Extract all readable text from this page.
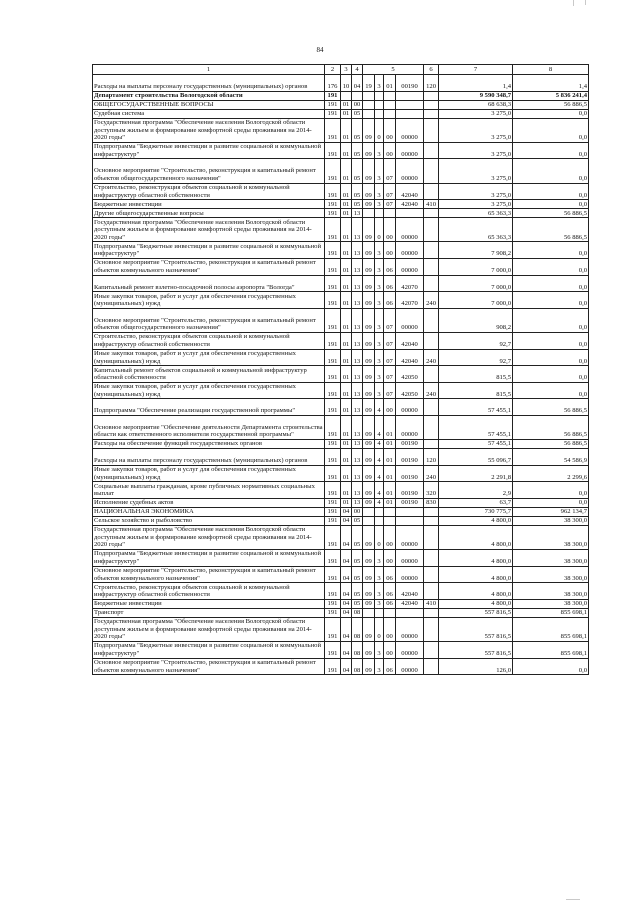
84
1	2	3	4	5				6	7	8
Расходы на выплаты персоналу государственных (муниципальных) органов	176	10	04	19	3	01	00190	120	1,4	1,4
Департамент строительства Вологодской области	191								9 590 348,7	5 836 241,4
ОБЩЕГОСУДАРСТВЕННЫЕ ВОПРОСЫ	191	01	00						68 638,3	56 886,5
Судебная система	191	01	05						3 275,0	0,0
Государственная программа "Обеспечение населения Вологодской области доступным жильем и формирование комфортной среды проживания на 2014-2020 годы"	191	01	05	09	0	00	00000		3 275,0	0,0
Подпрограмма "Бюджетные инвестиции в развитие социальной и коммунальной инфраструктур"	191	01	05	09	3	00	00000		3 275,0	0,0
Основное мероприятие "Строительство, реконструкция и капитальный ремонт объектов общегосударственного назначения"	191	01	05	09	3	07	00000		3 275,0	0,0
Строительство, реконструкция объектов социальной и коммунальной инфраструктур областной собственности	191	01	05	09	3	07	42040		3 275,0	0,0
Бюджетные инвестиции	191	01	05	09	3	07	42040	410	3 275,0	0,0
Другие общегосударственные вопросы	191	01	13						65 363,3	56 886,5
Государственная программа "Обеспечение населения Вологодской области доступным жильем и формирование комфортной среды проживания на 2014-2020 годы"	191	01	13	09	0	00	00000		65 363,3	56 886,5
Подпрограмма "Бюджетные инвестиции в развитие социальной и коммунальной инфраструктур"	191	01	13	09	3	00	00000		7 908,2	0,0
Основное мероприятие "Строительство, реконструкция и капитальный ремонт объектов коммунального назначения"	191	01	13	09	3	06	00000		7 000,0	0,0
Капитальный ремонт взлетно-посадочной полосы аэропорта "Вологда"	191	01	13	09	3	06	42070		7 000,0	0,0
Иные закупки товаров, работ и услуг для обеспечения государственных (муниципальных) нужд	191	01	13	09	3	06	42070	240	7 000,0	0,0
Основное мероприятие "Строительство, реконструкция и капитальный ремонт объектов общегосударственного назначения"	191	01	13	09	3	07	00000		908,2	0,0
Строительство, реконструкция объектов социальной и коммунальной инфраструктур областной собственности	191	01	13	09	3	07	42040		92,7	0,0
Иные закупки товаров, работ и услуг для обеспечения государственных (муниципальных) нужд	191	01	13	09	3	07	42040	240	92,7	0,0
Капитальный ремонт объектов социальной и коммунальной инфраструктур областной собственности	191	01	13	09	3	07	42050		815,5	0,0
Иные закупки товаров, работ и услуг для обеспечения государственных (муниципальных) нужд	191	01	13	09	3	07	42050	240	815,5	0,0
Подпрограмма "Обеспечение реализации государственной программы"	191	01	13	09	4	00	00000		57 455,1	56 886,5
Основное мероприятие "Обеспечение деятельности Департамента строительства области как ответственного исполнителя государственной программы"	191	01	13	09	4	01	00000		57 455,1	56 886,5
Расходы на обеспечение функций государственных органов	191	01	13	09	4	01	00190		57 455,1	56 886,5
Расходы на выплаты персоналу государственных (муниципальных) органов	191	01	13	09	4	01	00190	120	55 096,7	54 586,9
Иные закупки товаров, работ и услуг для обеспечения государственных (муниципальных) нужд	191	01	13	09	4	01	00190	240	2 291,8	2 299,6
Социальные выплаты гражданам, кроме публичных нормативных социальных выплат	191	01	13	09	4	01	00190	320	2,9	0,0
Исполнение судебных актов	191	01	13	09	4	01	00190	830	63,7	0,0
НАЦИОНАЛЬНАЯ ЭКОНОМИКА	191	04	00						730 775,7	962 134,7
Сельское хозяйство и рыболовство	191	04	05						4 800,0	38 300,0
Государственная программа "Обеспечение населения Вологодской области доступным жильем и формирование комфортной среды проживания на 2014-2020 годы"	191	04	05	09	0	00	00000		4 800,0	38 300,0
Подпрограмма "Бюджетные инвестиции в развитие социальной и коммунальной инфраструктур"	191	04	05	09	3	00	00000		4 800,0	38 300,0
Основное мероприятие "Строительство, реконструкция и капитальный ремонт объектов коммунального назначения"	191	04	05	09	3	06	00000		4 800,0	38 300,0
Строительство, реконструкция объектов социальной и коммунальной инфраструктур областной собственности	191	04	05	09	3	06	42040		4 800,0	38 300,0
Бюджетные инвестиции	191	04	05	09	3	06	42040	410	4 800,0	38 300,0
Транспорт	191	04	08						557 816,5	855 698,1
Государственная программа "Обеспечение населения Вологодской области доступным жильем и формирование комфортной среды проживания на 2014-2020 годы"	191	04	08	09	0	00	00000		557 816,5	855 698,1
Подпрограмма "Бюджетные инвестиции в развитие социальной и коммунальной инфраструктур"	191	04	08	09	3	00	00000		557 816,5	855 698,1
Основное мероприятие "Строительство, реконструкция и капитальный ремонт объектов коммунального назначения"	191	04	08	09	3	06	00000		126,0	0,0
